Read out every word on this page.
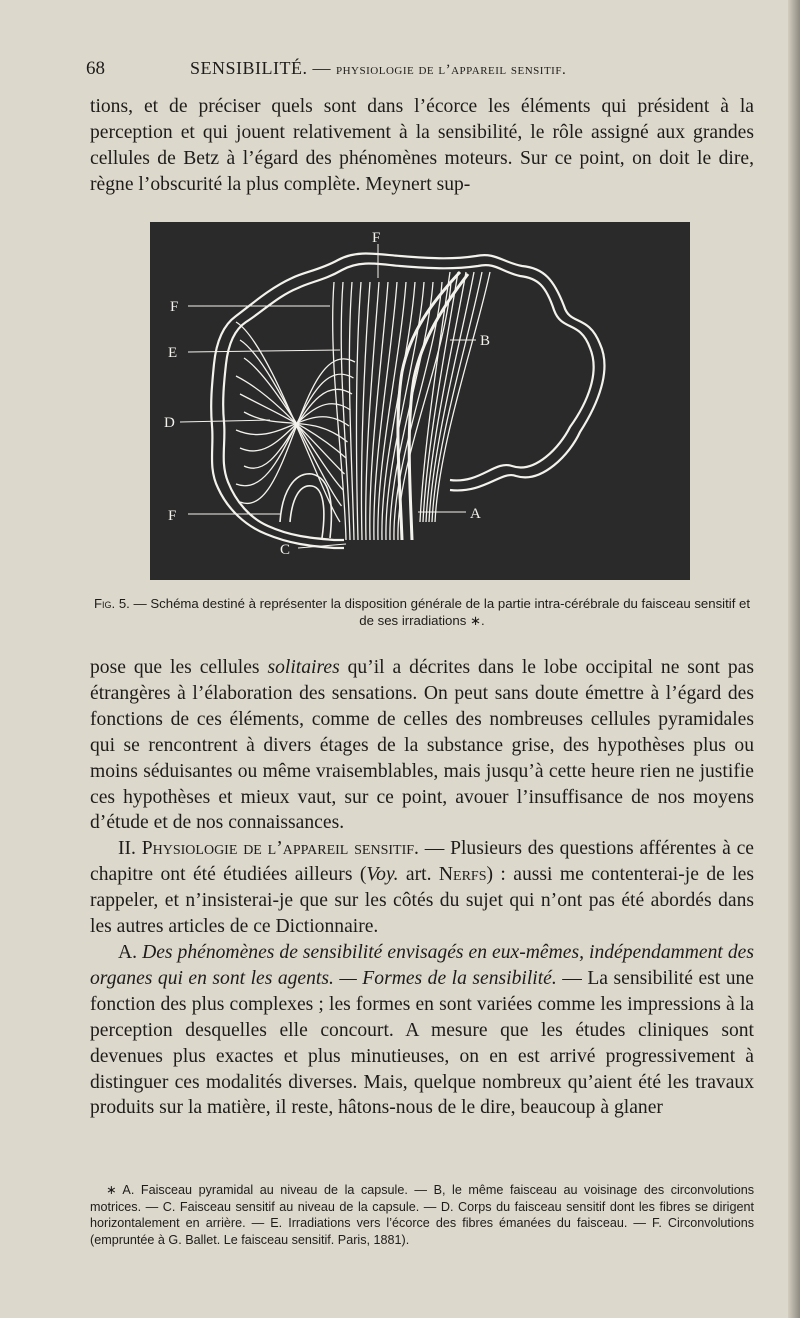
68	SENSIBILITÉ. — physiologie de l’appareil sensitif.

tions, et de préciser quels sont dans l’écorce les éléments qui président à la perception et qui jouent relativement à la sensibilité, le rôle assigné aux grandes cellules de Betz à l’égard des phénomènes moteurs. Sur ce point, on doit le dire, règne l’obscurité la plus complète. Meynert sup-

F
F
E
D
F
B
A
C
Fig. 5. — Schéma destiné à représenter la disposition générale de la partie intra-cérébrale du faisceau sensitif et de ses irradiations ∗.

pose que les cellules solitaires qu’il a décrites dans le lobe occipital ne sont pas étrangères à l’élaboration des sensations. On peut sans doute émettre à l’égard des fonctions de ces éléments, comme de celles des nombreuses cellules pyramidales qui se rencontrent à divers étages de la substance grise, des hypothèses plus ou moins séduisantes ou même vraisemblables, mais jusqu’à cette heure rien ne justifie ces hypothèses et mieux vaut, sur ce point, avouer l’insuffisance de nos moyens d’étude et de nos connaissances.

II. Physiologie de l’appareil sensitif. — Plusieurs des questions afférentes à ce chapitre ont été étudiées ailleurs (Voy. art. Nerfs) : aussi me contenterai-je de les rappeler, et n’insisterai-je que sur les côtés du sujet qui n’ont pas été abordés dans les autres articles de ce Dictionnaire.

A. Des phénomènes de sensibilité envisagés en eux-mêmes, indépendamment des organes qui en sont les agents. — Formes de la sensibilité. — La sensibilité est une fonction des plus complexes ; les formes en sont variées comme les impressions à la perception desquelles elle concourt. A mesure que les études cliniques sont devenues plus exactes et plus minutieuses, on en est arrivé progressivement à distinguer ces modalités diverses. Mais, quelque nombreux qu’aient été les travaux produits sur la matière, il reste, hâtons-nous de le dire, beaucoup à glaner

∗ A. Faisceau pyramidal au niveau de la capsule. — B, le même faisceau au voisinage des circonvolutions motrices. — C. Faisceau sensitif au niveau de la capsule. — D. Corps du faisceau sensitif dont les fibres se dirigent horizontalement en arrière. — E. Irradiations vers l’écorce des fibres émanées du faisceau. — F. Circonvolutions (empruntée à G. Ballet. Le faisceau sensitif. Paris, 1881).
